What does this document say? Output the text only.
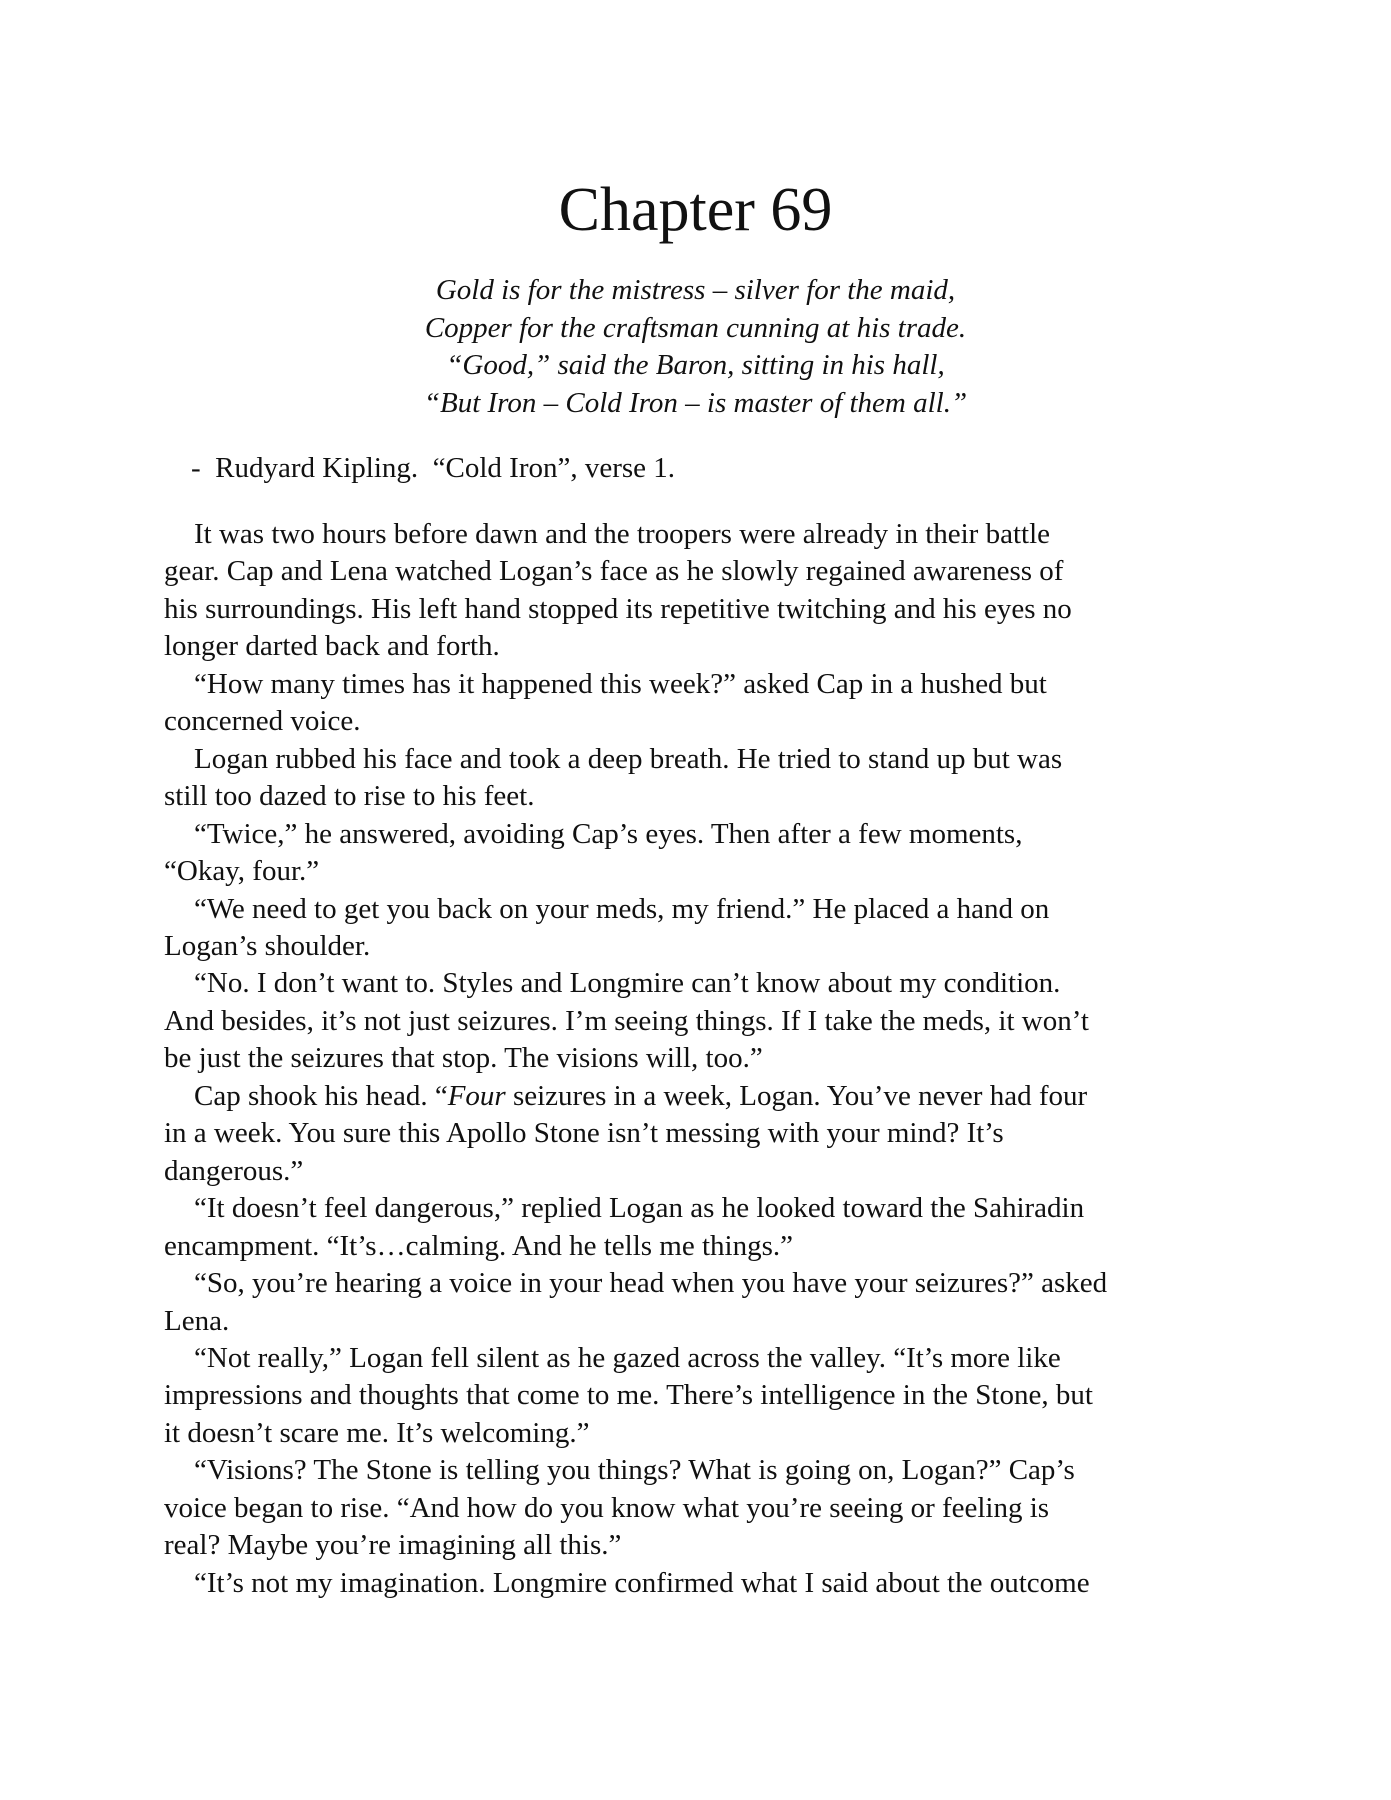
Chapter 69
Gold is for the mistress – silver for the maid,
Copper for the craftsman cunning at his trade.
“Good,” said the Baron, sitting in his hall,
“But Iron – Cold Iron – is master of them all.”
-  Rudyard Kipling.  “Cold Iron”, verse 1.
It was two hours before dawn and the troopers were already in their battle
gear. Cap and Lena watched Logan’s face as he slowly regained awareness of
his surroundings. His left hand stopped its repetitive twitching and his eyes no
longer darted back and forth.
“How many times has it happened this week?” asked Cap in a hushed but
concerned voice.
Logan rubbed his face and took a deep breath. He tried to stand up but was
still too dazed to rise to his feet.
“Twice,” he answered, avoiding Cap’s eyes. Then after a few moments,
“Okay, four.”
“We need to get you back on your meds, my friend.” He placed a hand on
Logan’s shoulder.
“No. I don’t want to. Styles and Longmire can’t know about my condition.
And besides, it’s not just seizures. I’m seeing things. If I take the meds, it won’t
be just the seizures that stop. The visions will, too.”
Cap shook his head. “Four seizures in a week, Logan. You’ve never had four
in a week. You sure this Apollo Stone isn’t messing with your mind? It’s
dangerous.”
“It doesn’t feel dangerous,” replied Logan as he looked toward the Sahiradin
encampment. “It’s…calming. And he tells me things.”
“So, you’re hearing a voice in your head when you have your seizures?” asked
Lena.
“Not really,” Logan fell silent as he gazed across the valley. “It’s more like
impressions and thoughts that come to me. There’s intelligence in the Stone, but
it doesn’t scare me. It’s welcoming.”
“Visions? The Stone is telling you things? What is going on, Logan?” Cap’s
voice began to rise. “And how do you know what you’re seeing or feeling is
real? Maybe you’re imagining all this.”
“It’s not my imagination. Longmire confirmed what I said about the outcome
